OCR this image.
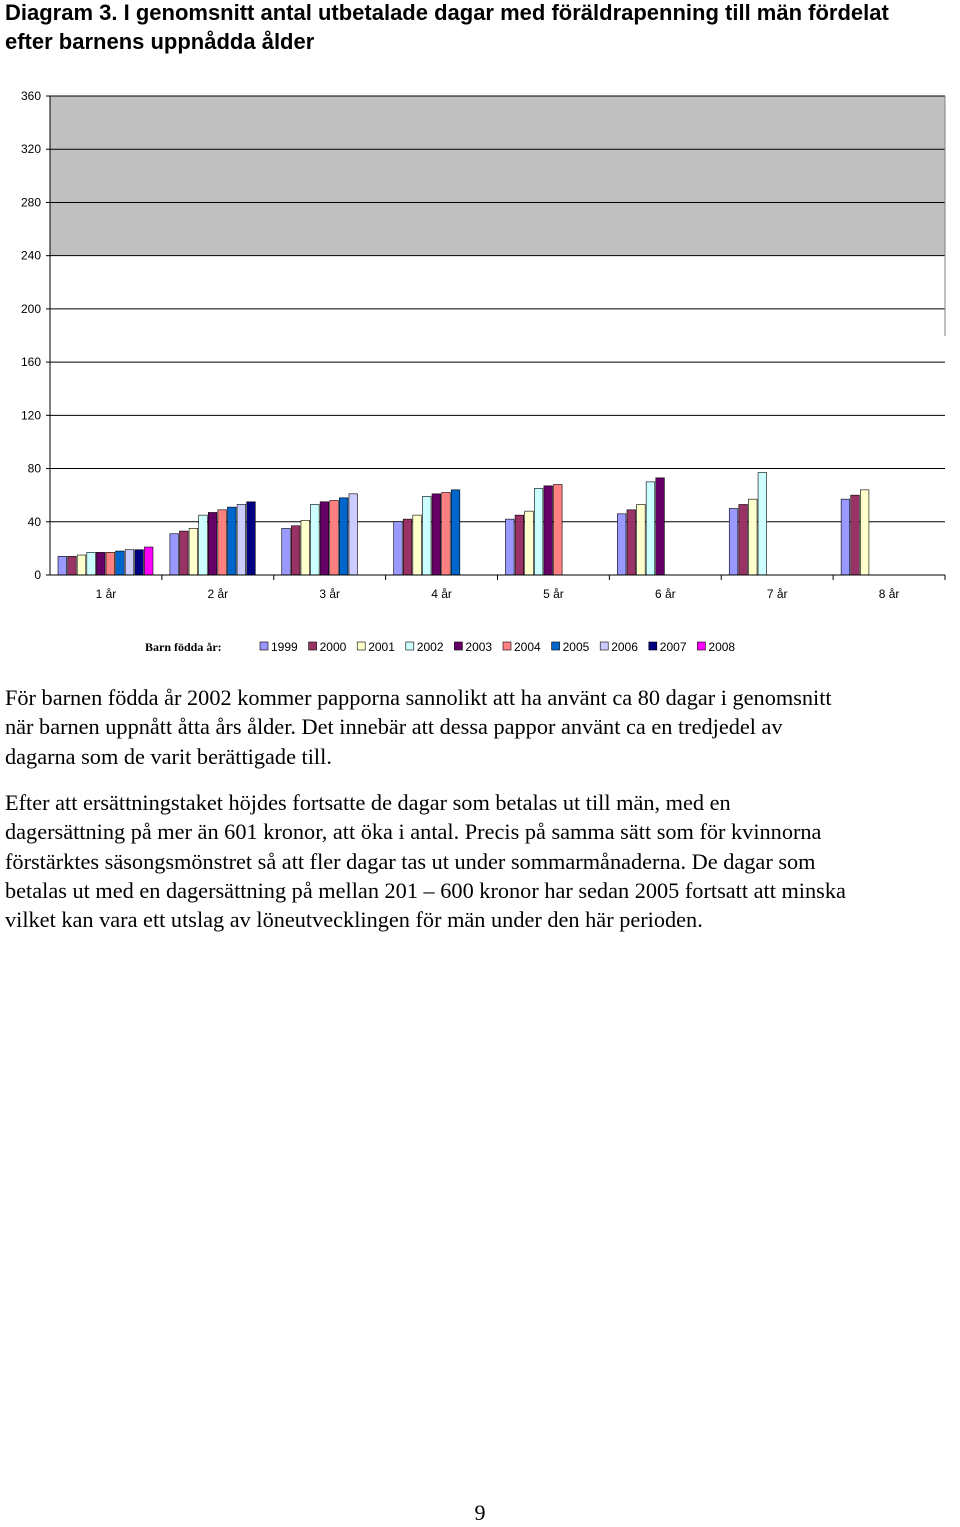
Diagram 3. I genomsnitt antal utbetalade dagar med föräldrapenning till män fördelat
efter barnens uppnådda ålder
0
40
80
120
160
200
240
280
320
360
1 år	2 år	3 år	4 år	5 år	6 år	7 år	8 år
Barn födda år:	1999 2000 2001 2002 2003 2004 2005 2006 2007 2008
För barnen födda år 2002 kommer papporna sannolikt att ha använt ca 80 dagar i genomsnitt
när barnen uppnått åtta års ålder. Det innebär att dessa pappor använt ca en tredjedel av
dagarna som de varit berättigade till.
Efter att ersättningstaket höjdes fortsatte de dagar som betalas ut till män, med en
dagersättning på mer än 601 kronor, att öka i antal. Precis på samma sätt som för kvinnorna
förstärktes säsongsmönstret så att fler dagar tas ut under sommarmånaderna. De dagar som
betalas ut med en dagersättning på mellan 201 – 600 kronor har sedan 2005 fortsatt att minska
vilket kan vara ett utslag av löneutvecklingen för män under den här perioden.
9
